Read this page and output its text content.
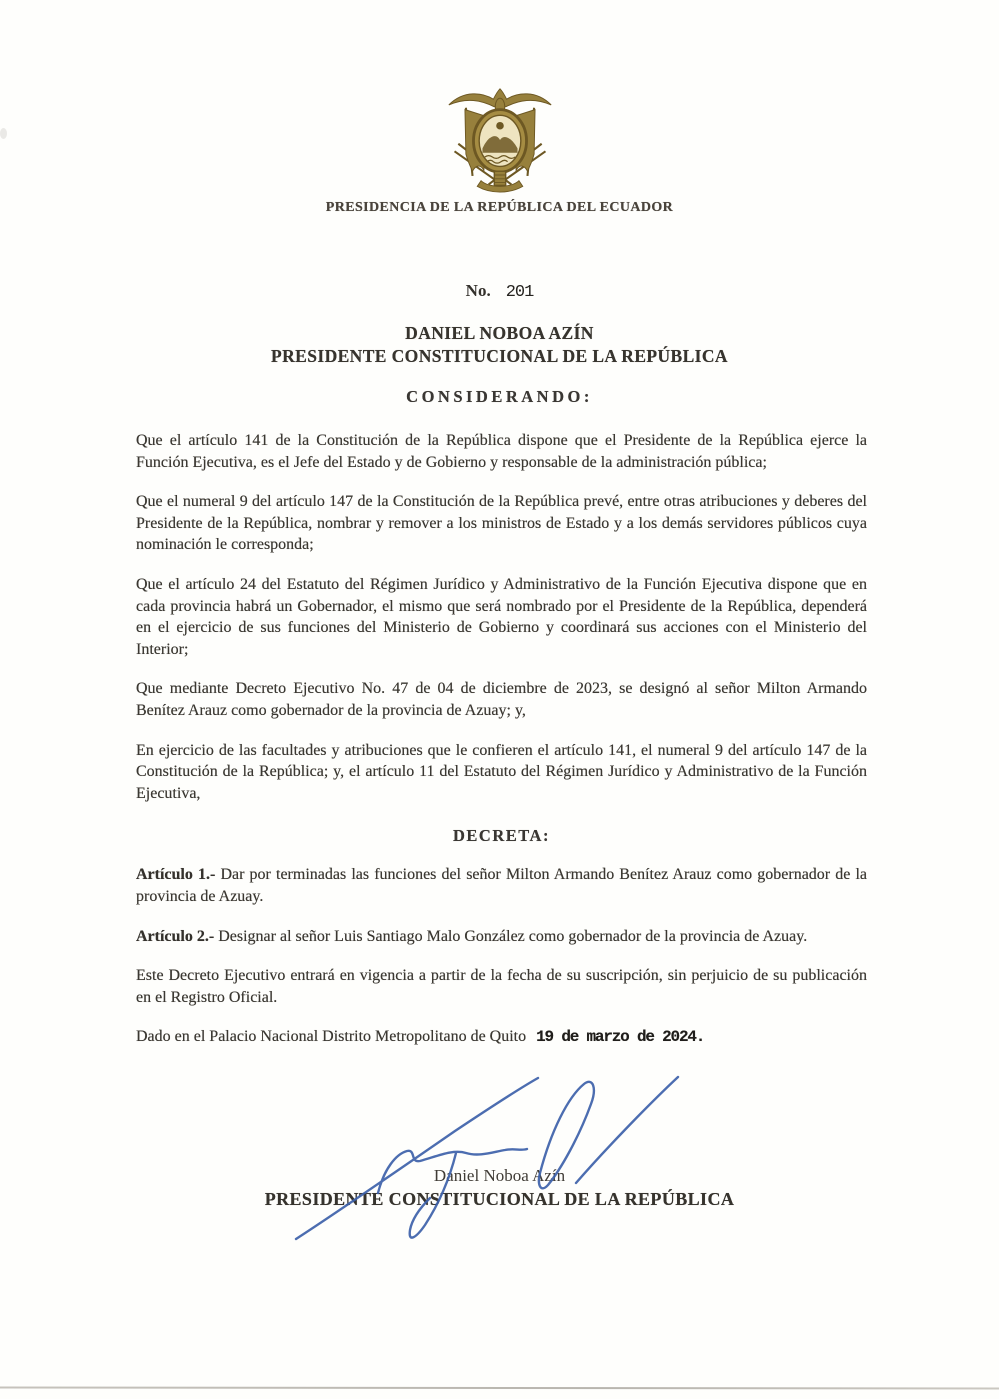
PRESIDENCIA DE LA REPÚBLICA DEL ECUADOR
No. 201
DANIEL NOBOA AZÍN
PRESIDENTE CONSTITUCIONAL DE LA REPÚBLICA
CONSIDERANDO:

Que el artículo 141 de la Constitución de la República dispone que el Presidente de la República ejerce la Función Ejecutiva, es el Jefe del Estado y de Gobierno y responsable de la administración pública;

Que el numeral 9 del artículo 147 de la Constitución de la República prevé, entre otras atribuciones y deberes del Presidente de la República, nombrar y remover a los ministros de Estado y a los demás servidores públicos cuya nominación le corresponda;

Que el artículo 24 del Estatuto del Régimen Jurídico y Administrativo de la Función Ejecutiva dispone que en cada provincia habrá un Gobernador, el mismo que será nombrado por el Presidente de la República, dependerá en el ejercicio de sus funciones del Ministerio de Gobierno y coordinará sus acciones con el Ministerio del Interior;

Que mediante Decreto Ejecutivo No. 47 de 04 de diciembre de 2023, se designó al señor Milton Armando Benítez Arauz como gobernador de la provincia de Azuay; y,

En ejercicio de las facultades y atribuciones que le confieren el artículo 141, el numeral 9 del artículo 147 de la Constitución de la República; y, el artículo 11 del Estatuto del Régimen Jurídico y Administrativo de la Función Ejecutiva,

DECRETA:

Artículo 1.- Dar por terminadas las funciones del señor Milton Armando Benítez Arauz como gobernador de la provincia de Azuay.

Artículo 2.- Designar al señor Luis Santiago Malo González como gobernador de la provincia de Azuay.

Este Decreto Ejecutivo entrará en vigencia a partir de la fecha de su suscripción, sin perjuicio de su publicación en el Registro Oficial.

Dado en el Palacio Nacional Distrito Metropolitano de Quito 19 de marzo de 2024.

Daniel Noboa Azín
PRESIDENTE CONSTITUCIONAL DE LA REPÚBLICA
